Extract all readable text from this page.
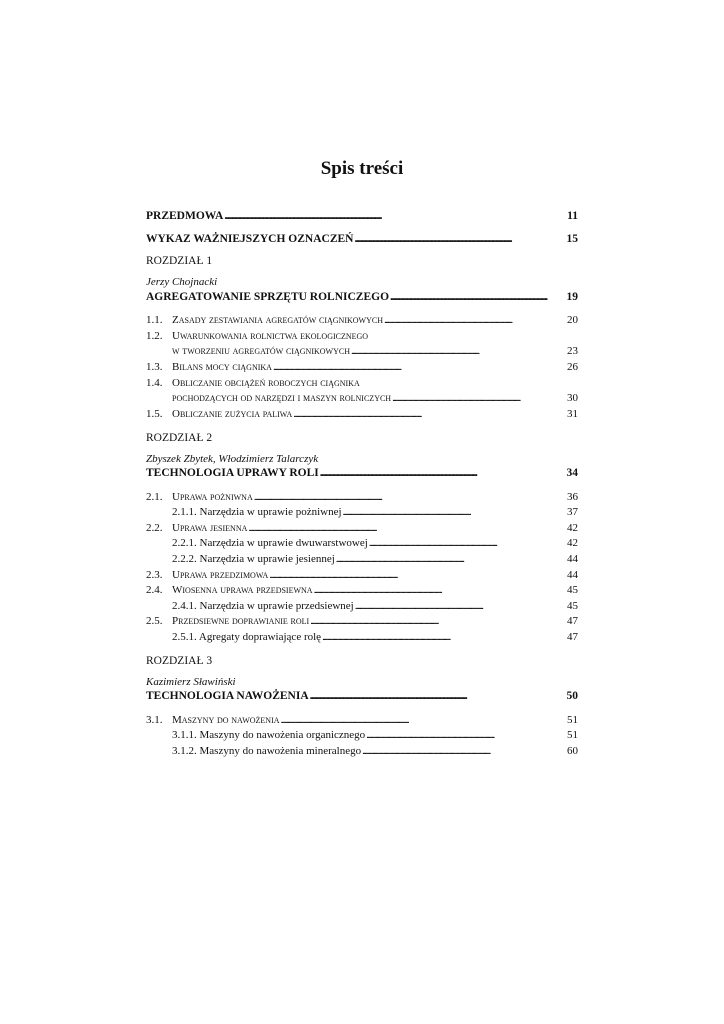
Spis treści
PRZEDMOWA . . .	11
WYKAZ WAŻNIEJSZYCH OZNACZEŃ . . .	15
ROZDZIAŁ 1
Jerzy Chojnacki
AGREGATOWANIE SPRZĘTU ROLNICZEGO . . .	19
1.1. Zasady zestawiania agregatów ciągnikowych . . .	20
1.2. Uwarunkowania rolnictwa ekologicznego
w tworzeniu agregatów ciągnikowych . . .	23
1.3. Bilans mocy ciągnika . . .	26
1.4. Obliczanie obciążeń roboczych ciągnika
pochodzących od narzędzi i maszyn rolniczych . . .	30
1.5. Obliczanie zużycia paliwa . . .	31
ROZDZIAŁ 2
Zbyszek Zbytek, Włodzimierz Talarczyk
TECHNOLOGIA UPRAWY ROLI . . .	34
2.1. Uprawa pożniwna . . .	36
2.1.1. Narzędzia w uprawie pożniwnej . . .	37
2.2. Uprawa jesienna . . .	42
2.2.1. Narzędzia w uprawie dwuwarstwowej . . .	42
2.2.2. Narzędzia w uprawie jesiennej . . .	44
2.3. Uprawa przedzimowa . . .	44
2.4. Wiosenna uprawa przedsiewna . . .	45
2.4.1. Narzędzia w uprawie przedsiewnej . . .	45
2.5. Przedsiewne doprawianie roli . . .	47
2.5.1. Agregaty doprawiające rolę . . .	47
ROZDZIAŁ 3
Kazimierz Sławiński
TECHNOLOGIA NAWOŻENIA . . .	50
3.1. Maszyny do nawożenia . . .	51
3.1.1. Maszyny do nawożenia organicznego . . .	51
3.1.2. Maszyny do nawożenia mineralnego . . .	60
